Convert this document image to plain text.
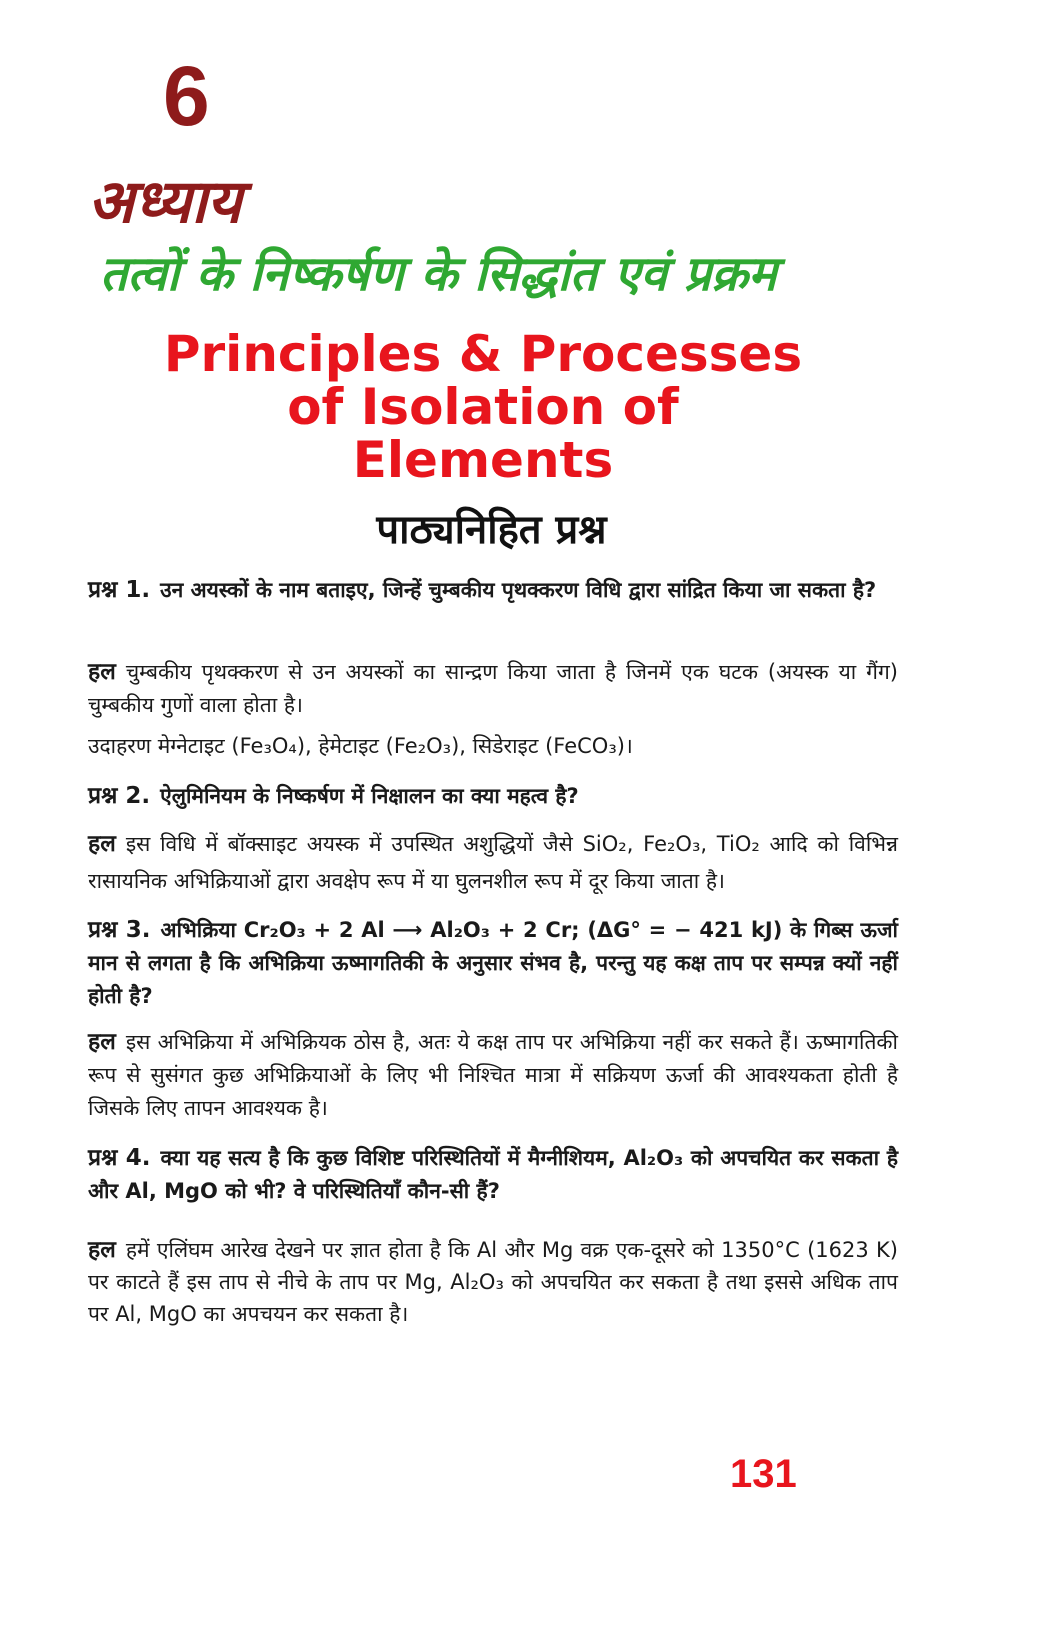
6
अध्याय
तत्वों के निष्कर्षण के सिद्धांत एवं प्रक्रम
Principles & Processes
of Isolation of
Elements
पाठ्यनिहित प्रश्न
प्रश्न 1. उन अयस्कों के नाम बताइए, जिन्हें चुम्बकीय पृथक्करण विधि द्वारा सांद्रित किया जा सकता है?
हल चुम्बकीय पृथक्करण से उन अयस्कों का सान्द्रण किया जाता है जिनमें एक घटक (अयस्क या गैंग) चुम्बकीय गुणों वाला होता है।
उदाहरण मेग्नेटाइट (Fe₃O₄), हेमेटाइट (Fe₂O₃), सिडेराइट (FeCO₃)।
प्रश्न 2. ऐलुमिनियम के निष्कर्षण में निक्षालन का क्या महत्व है?
हल इस विधि में बॉक्साइट अयस्क में उपस्थित अशुद्धियों जैसे SiO₂, Fe₂O₃, TiO₂ आदि को विभिन्न रासायनिक अभिक्रियाओं द्वारा अवक्षेप रूप में या घुलनशील रूप में दूर किया जाता है।
प्रश्न 3. अभिक्रिया Cr₂O₃ + 2 Al ⟶ Al₂O₃ + 2 Cr; (ΔG° = − 421 kJ) के गिब्स ऊर्जा मान से लगता है कि अभिक्रिया ऊष्मागतिकी के अनुसार संभव है, परन्तु यह कक्ष ताप पर सम्पन्न क्यों नहीं होती है?
हल इस अभिक्रिया में अभिक्रियक ठोस है, अतः ये कक्ष ताप पर अभिक्रिया नहीं कर सकते हैं। ऊष्मागतिकी रूप से सुसंगत कुछ अभिक्रियाओं के लिए भी निश्चित मात्रा में सक्रियण ऊर्जा की आवश्यकता होती है जिसके लिए तापन आवश्यक है।
प्रश्न 4. क्या यह सत्य है कि कुछ विशिष्ट परिस्थितियों में मैग्नीशियम, Al₂O₃ को अपचयित कर सकता है और Al, MgO को भी? वे परिस्थितियाँ कौन-सी हैं?
हल हमें एलिंघम आरेख देखने पर ज्ञात होता है कि Al और Mg वक्र एक-दूसरे को 1350°C (1623 K) पर काटते हैं इस ताप से नीचे के ताप पर Mg, Al₂O₃ को अपचयित कर सकता है तथा इससे अधिक ताप पर Al, MgO का अपचयन कर सकता है।
131
